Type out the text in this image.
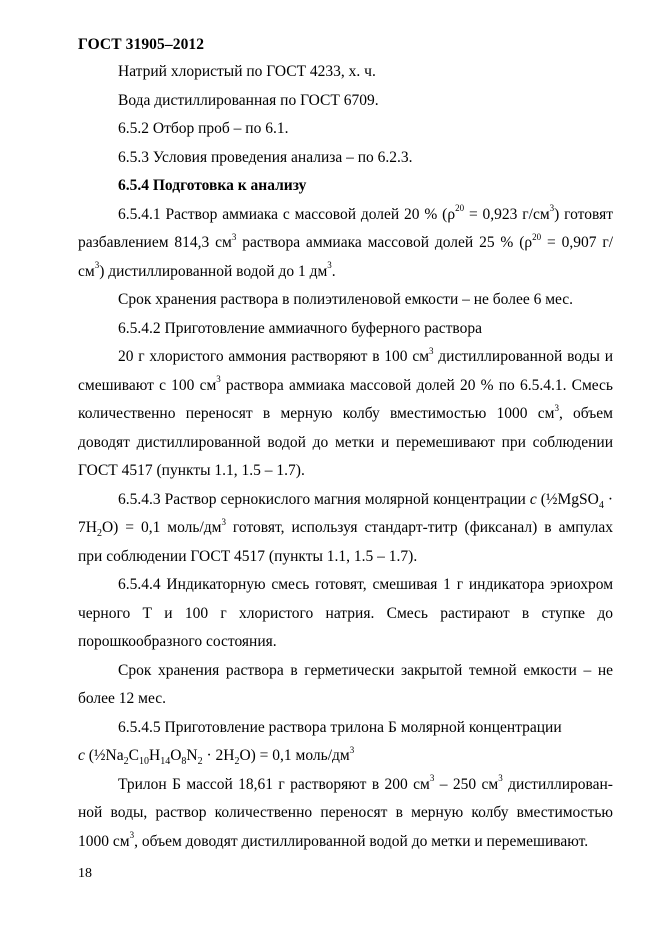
ГОСТ 31905–2012

Натрий хлористый по ГОСТ 4233, х. ч.

Вода дистиллированная по ГОСТ 6709.

6.5.2 Отбор проб – по 6.1.

6.5.3 Условия проведения анализа – по 6.2.3.

6.5.4 Подготовка к анализу

6.5.4.1 Раствор аммиака с массовой долей 20 % ($\rho^{20} = 0,923$ $г/см^3$) готовят разбавлением 814,3 $см^3$ раствора аммиака массовой долей 25 % ($\rho^{20} = 0,907$ $г/см^3$) дистиллированной водой до 1 $дм^3$.

Срок хранения раствора в полиэтиленовой емкости – не более 6 мес.

6.5.4.2 Приготовление аммиачного буферного раствора

20 г хлористого аммония растворяют в 100 $см^3$ дистиллированной воды и смешивают с 100 $см^3$ раствора аммиака массовой долей 20 % по 6.5.4.1. Смесь количественно переносят в мерную колбу вместимостью 1000 $см^3$, объем доводят дистиллированной водой до метки и перемешивают при соблюдении ГОСТ 4517 (пункты 1.1, 1.5 – 1.7).

6.5.4.3 Раствор сернокислого магния молярной концентрации c (½MgSO$_4$ · $7H_2O) = 0,1$ моль/$дм^3$ готовят, используя стандарт-титр (фиксанал) в ампулах при соблюдении ГОСТ 4517 (пункты 1.1, 1.5 – 1.7).

6.5.4.4 Индикаторную смесь готовят, смешивая 1 г индикатора эриохром черного Т и 100 г хлористого натрия. Смесь растирают в ступке до порошкообразного состояния.

Срок хранения раствора в герметически закрытой темной емкости – не более 12 мес.

6.5.4.5 Приготовление раствора трилона Б молярной концентрации
c $(\frac{1}{2}Na_2C_{10}H_{14}O_8N_2 \cdot 2H_2O) = 0,1$ моль/$дм^3$

Трилон Б массой 18,61 г растворяют в 200 $см^3 - 250$ $см^3$ дистиллирован-ной воды, раствор количественно переносят в мерную колбу вместимостью 1000 $см^3$, объем доводят дистиллированной водой до метки и перемешивают.

18
